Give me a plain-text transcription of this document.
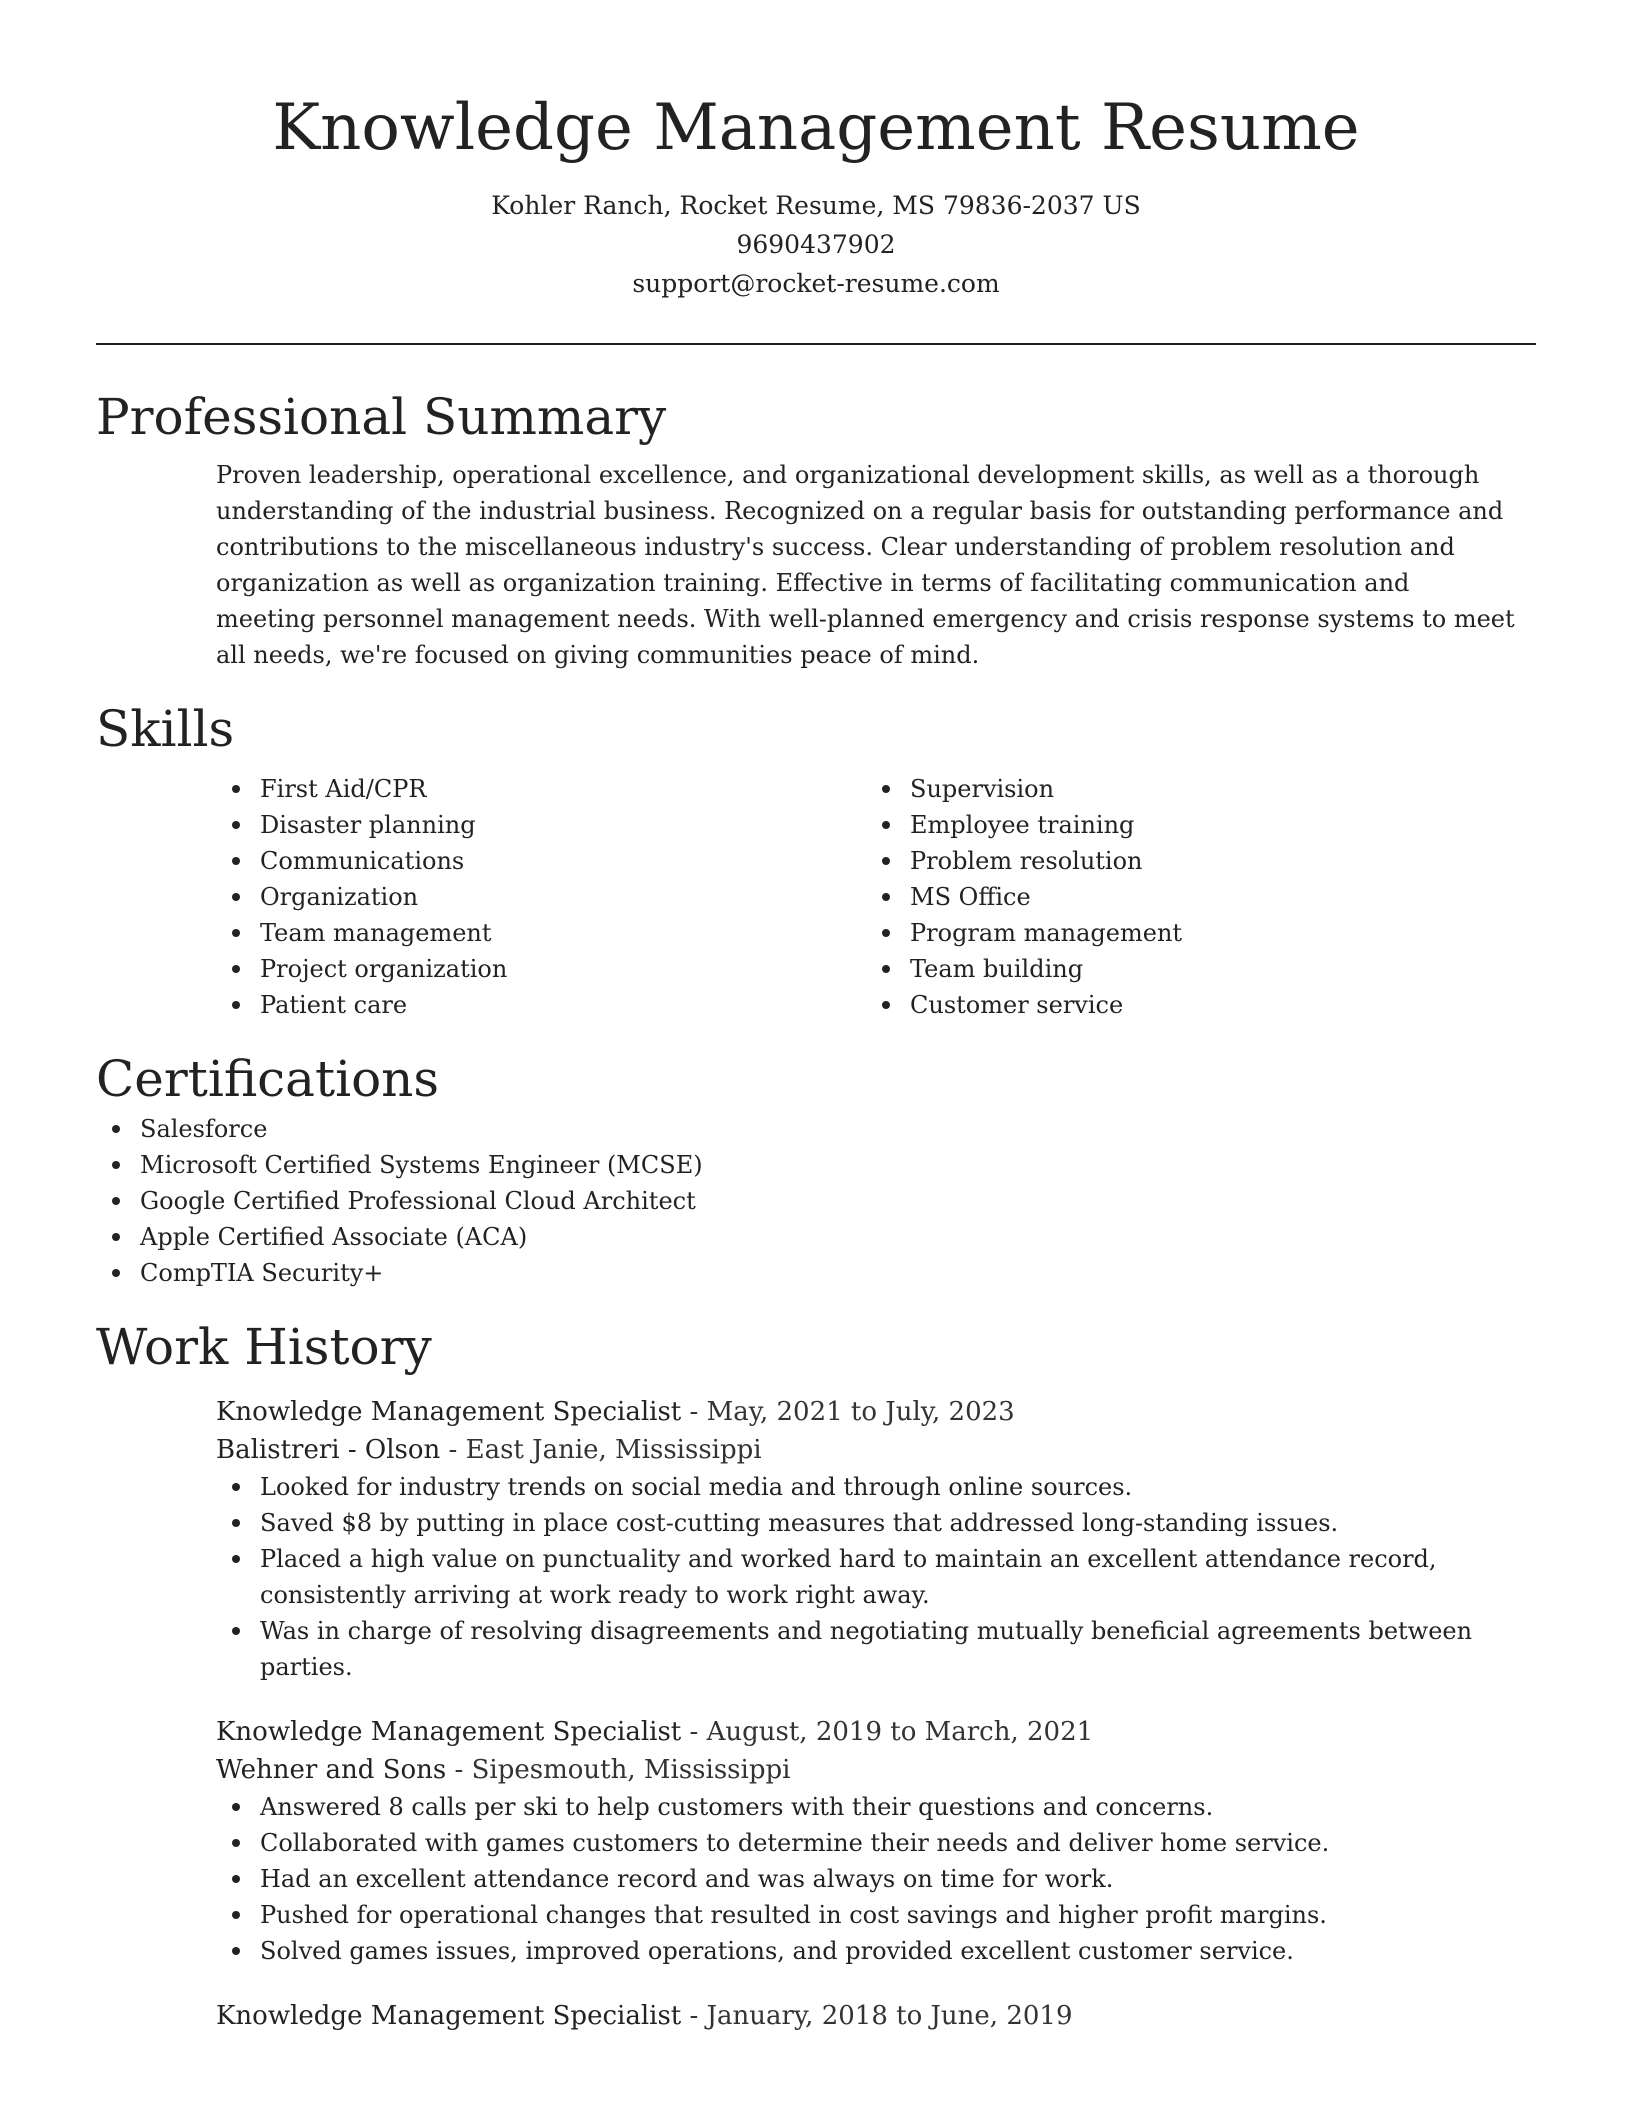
Knowledge Management Resume
Kohler Ranch, Rocket Resume, MS 79836-2037 US
9690437902
support@rocket-resume.com
Professional Summary

Proven leadership, operational excellence, and organizational development skills, as well as a thorough understanding of the industrial business. Recognized on a regular basis for outstanding performance and contributions to the miscellaneous industry's success. Clear understanding of problem resolution and organization as well as organization training. Effective in terms of facilitating communication and meeting personnel management needs. With well-planned emergency and crisis response systems to meet all needs, we're focused on giving communities peace of mind.

Skills
First Aid/CPR
Disaster planning
Communications
Organization
Team management
Project organization
Patient care
Supervision
Employee training
Problem resolution
MS Office
Program management
Team building
Customer service
Certifications
Salesforce
Microsoft Certified Systems Engineer (MCSE)
Google Certified Professional Cloud Architect
Apple Certified Associate (ACA)
CompTIA Security+
Work History
Knowledge Management Specialist - May, 2021 to July, 2023
Balistreri - Olson - East Janie, Mississippi
Looked for industry trends on social media and through online sources.
Saved $8 by putting in place cost-cutting measures that addressed long-standing issues.
Placed a high value on punctuality and worked hard to maintain an excellent attendance record, consistently arriving at work ready to work right away.
Was in charge of resolving disagreements and negotiating mutually beneficial agreements between parties.
Knowledge Management Specialist - August, 2019 to March, 2021
Wehner and Sons - Sipesmouth, Mississippi
Answered 8 calls per ski to help customers with their questions and concerns.
Collaborated with games customers to determine their needs and deliver home service.
Had an excellent attendance record and was always on time for work.
Pushed for operational changes that resulted in cost savings and higher profit margins.
Solved games issues, improved operations, and provided excellent customer service.
Knowledge Management Specialist - January, 2018 to June, 2019
